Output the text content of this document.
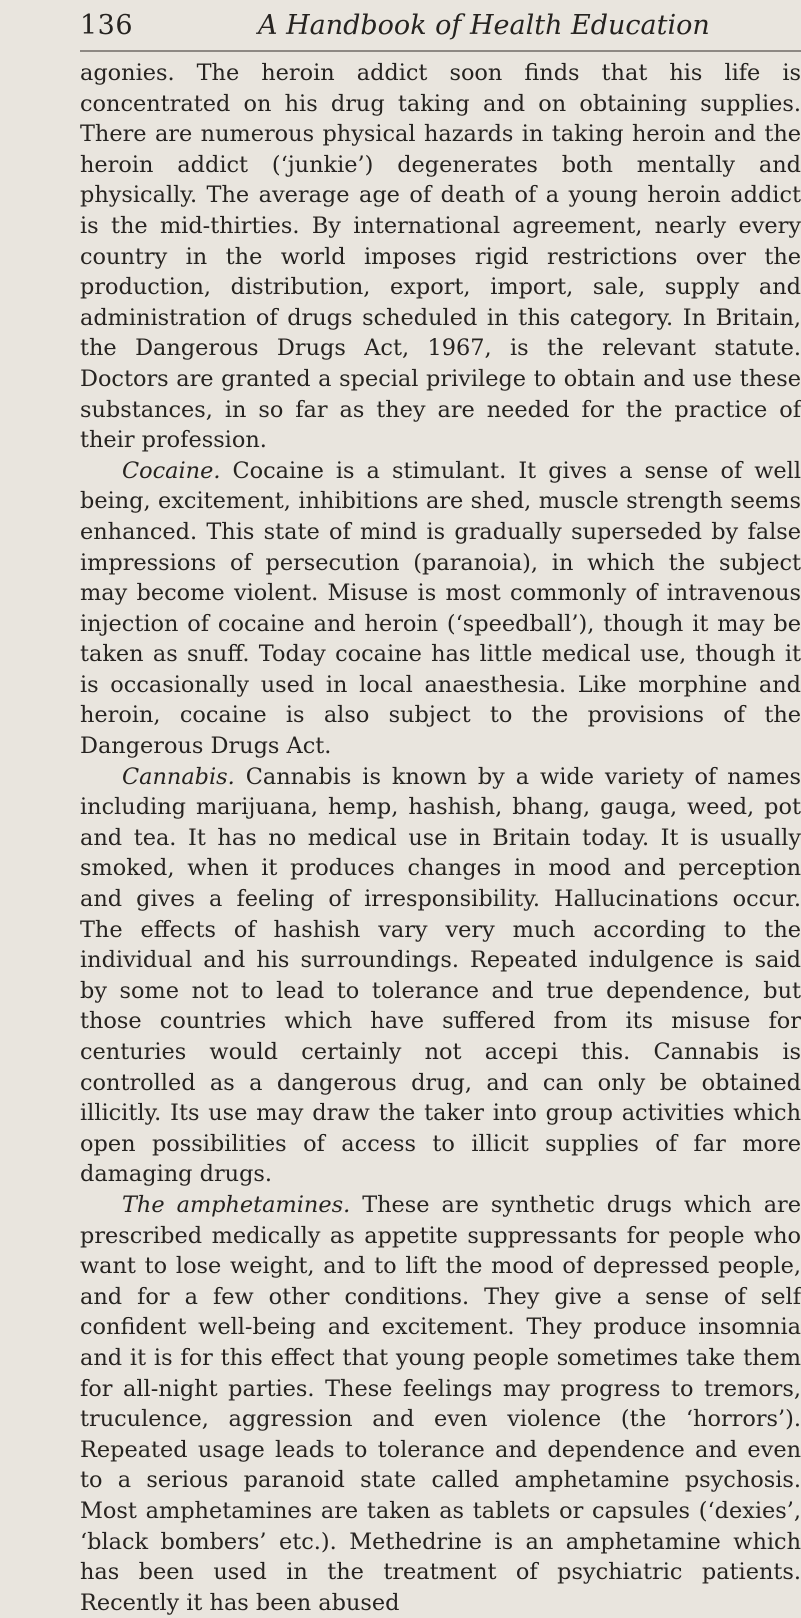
136	A Handbook of Health Education

agonies. The heroin addict soon finds that his life is concentrated on his drug taking and on obtaining supplies. There are numerous physical hazards in taking heroin and the heroin addict (‘junkie’) degenerates both mentally and physically. The average age of death of a young heroin addict is the mid-thirties. By international agreement, nearly every country in the world imposes rigid restrictions over the production, distribution, export, import, sale, supply and administration of drugs scheduled in this category. In Britain, the Dangerous Drugs Act, 1967, is the relevant statute. Doctors are granted a special privilege to obtain and use these substances, in so far as they are needed for the practice of their profession.

Cocaine. Cocaine is a stimulant. It gives a sense of well being, excitement, inhibitions are shed, muscle strength seems enhanced. This state of mind is gradually superseded by false impressions of persecution (paranoia), in which the subject may become violent. Misuse is most commonly of intravenous injection of cocaine and heroin (‘speedball’), though it may be taken as snuff. Today cocaine has little medical use, though it is occasionally used in local anaesthesia. Like morphine and heroin, cocaine is also subject to the provisions of the Dangerous Drugs Act.

Cannabis. Cannabis is known by a wide variety of names including marijuana, hemp, hashish, bhang, gauga, weed, pot and tea. It has no medical use in Britain today. It is usually smoked, when it produces changes in mood and perception and gives a feeling of irresponsibility. Hallucinations occur. The effects of hashish vary very much according to the individual and his surroundings. Repeated indulgence is said by some not to lead to tolerance and true dependence, but those countries which have suffered from its misuse for centuries would certainly not accepi this. Cannabis is controlled as a dangerous drug, and can only be obtained illicitly. Its use may draw the taker into group activities which open possibilities of access to illicit supplies of far more damaging drugs.

The amphetamines. These are synthetic drugs which are prescribed medically as appetite suppressants for people who want to lose weight, and to lift the mood of depressed people, and for a few other conditions. They give a sense of self confident well-being and excitement. They produce insomnia and it is for this effect that young people sometimes take them for all-night parties. These feelings may progress to tremors, truculence, aggression and even violence (the ‘horrors’). Repeated usage leads to tolerance and dependence and even to a serious paranoid state called amphetamine psychosis. Most amphetamines are taken as tablets or capsules (‘dexies’, ‘black bombers’ etc.). Methedrine is an amphetamine which has been used in the treatment of psychiatric patients. Recently it has been abused
